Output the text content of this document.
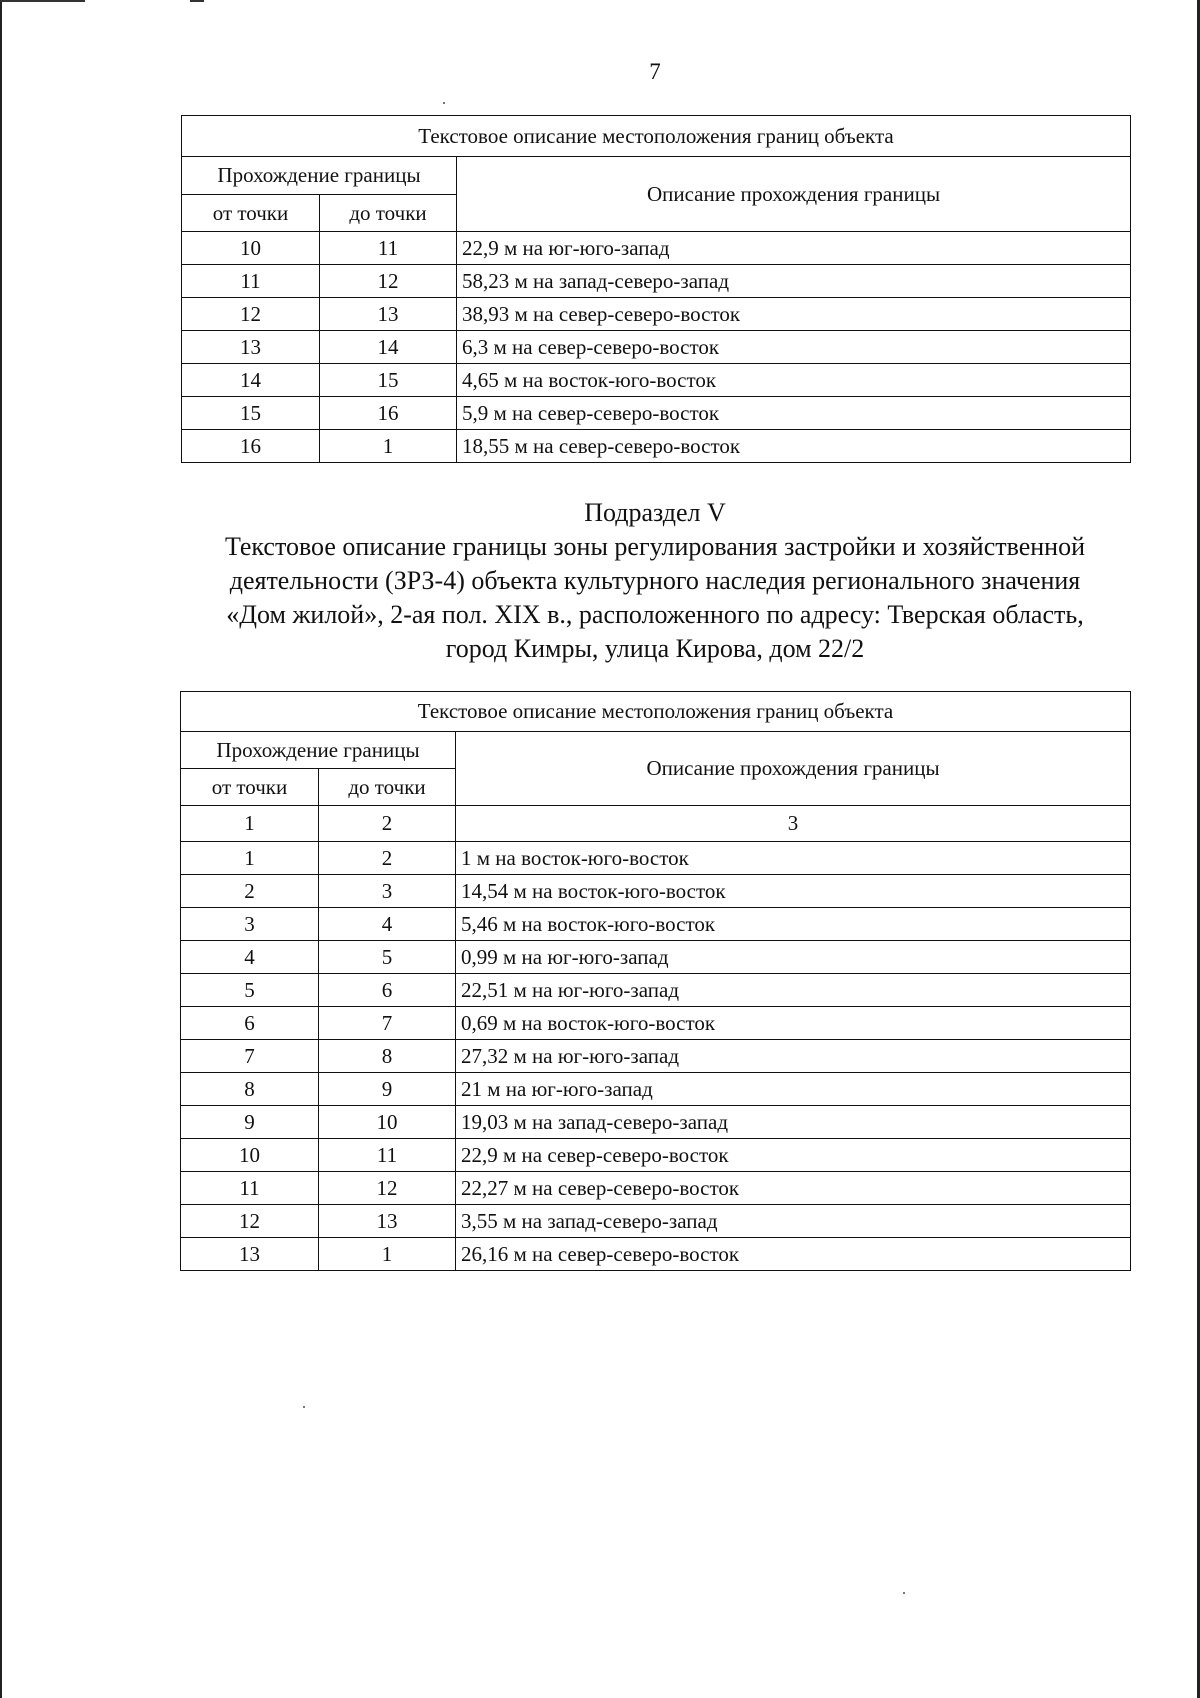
7
Текстовое описание местоположения границ объекта		
Прохождение границы		Описание прохождения границы
от точки	до точки	
10	11	22,9 м на юг-юго-запад
11	12	58,23 м на запад-северо-запад
12	13	38,93 м на север-северо-восток
13	14	6,3 м на север-северо-восток
14	15	4,65 м на восток-юго-восток
15	16	5,9 м на север-северо-восток
16	1	18,55 м на север-северо-восток
Подраздел V
Текстовое описание границы зоны регулирования застройки и хозяйственной
деятельности (ЗРЗ-4) объекта культурного наследия регионального значения
«Дом жилой», 2-ая пол. XIX в., расположенного по адресу: Тверская область,
город Кимры, улица Кирова, дом 22/2
Текстовое описание местоположения границ объекта		
Прохождение границы		Описание прохождения границы
от точки	до точки	
1	2	3
1	2	1 м на восток-юго-восток
2	3	14,54 м на восток-юго-восток
3	4	5,46 м на восток-юго-восток
4	5	0,99 м на юг-юго-запад
5	6	22,51 м на юг-юго-запад
6	7	0,69 м на восток-юго-восток
7	8	27,32 м на юг-юго-запад
8	9	21 м на юг-юго-запад
9	10	19,03 м на запад-северо-запад
10	11	22,9 м на север-северо-восток
11	12	22,27 м на север-северо-восток
12	13	3,55 м на запад-северо-запад
13	1	26,16 м на север-северо-восток
